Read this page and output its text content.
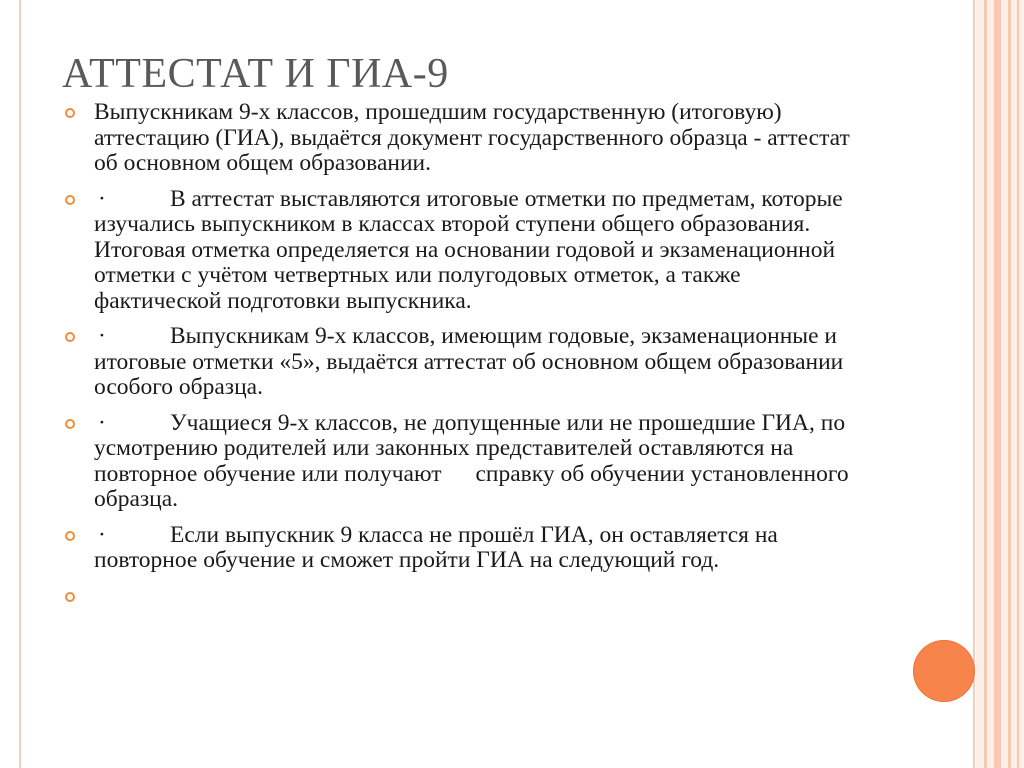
АТТЕСТАТ И ГИА-9
Выпускникам 9-х классов, прошедшим государственную (итоговую) аттестацию (ГИА), выдаётся документ государственного образца - аттестат об основном общем образовании.
·	В аттестат выставляются итоговые отметки по предметам, которые изучались выпускником в классах второй ступени общего образования. Итоговая отметка определяется на основании годовой и экзаменационной отметки с учётом четвертных или полугодовых отметок, а также фактической подготовки выпускника.
·	Выпускникам 9-х классов, имеющим годовые, экзаменационные и итоговые отметки «5», выдаётся аттестат об основном общем образовании особого образца.
·	Учащиеся 9-х классов, не допущенные или не прошедшие ГИА, по усмотрению родителей или законных представителей оставляются на повторное обучение или получают справку об обучении установленного образца.
·	Если выпускник 9 класса не прошёл ГИА, он оставляется на повторное обучение и сможет пройти ГИА на следующий год.
